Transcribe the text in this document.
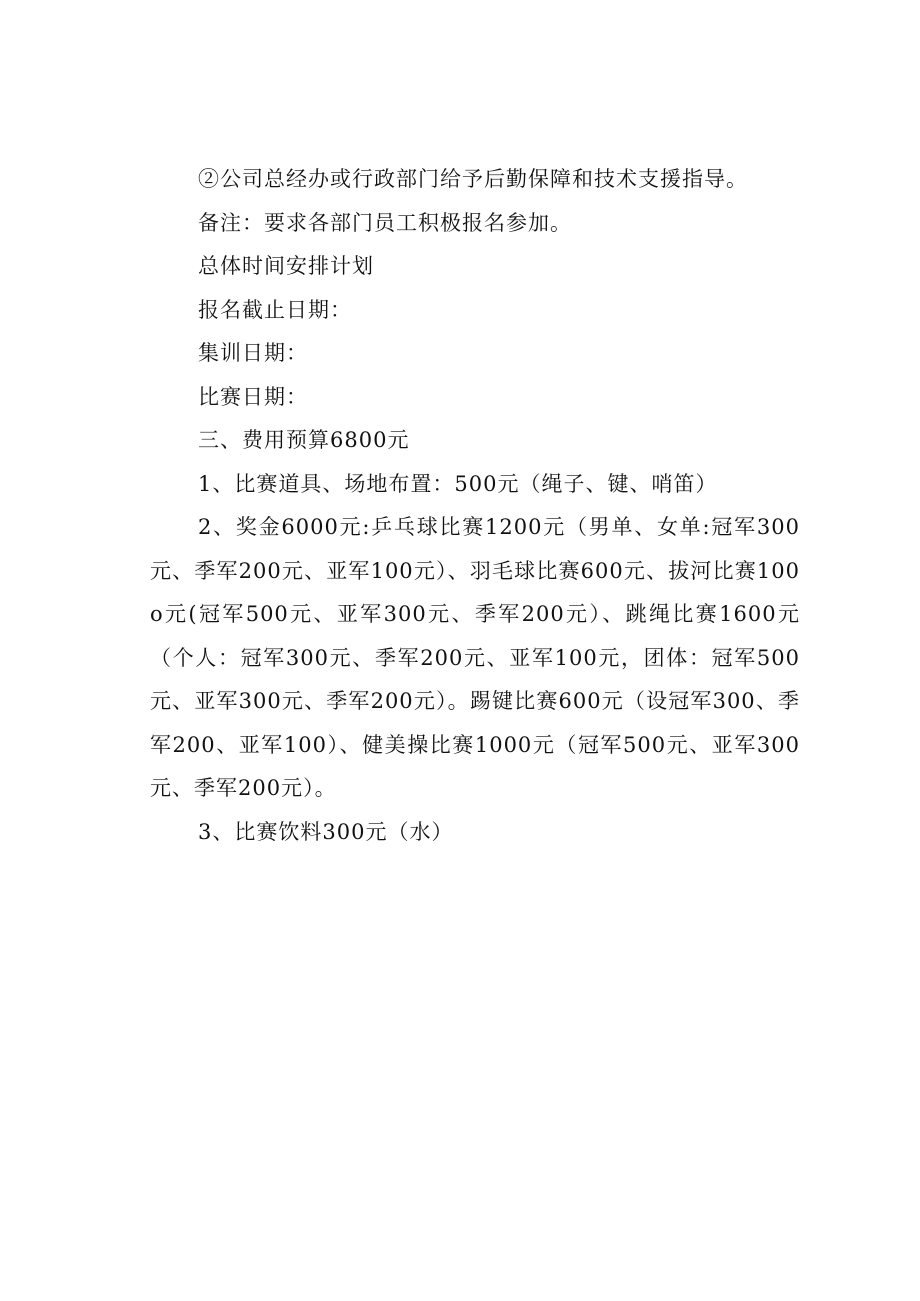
②公司总经办或行政部门给予后勤保障和技术支援指导。

备注：要求各部门员工积极报名参加。

总体时间安排计划

报名截止日期：

集训日期：

比赛日期：

三、费用预算6800元

1、比赛道具、场地布置：500元（绳子、键、哨笛）

2、奖金6000元:乒乓球比赛1200元（男单、女单:冠军300元、季军200元、亚军100元）、羽毛球比赛600元、拔河比赛100o元(冠军500元、亚军300元、季军200元）、跳绳比赛1600元（个人：冠军300元、季军200元、亚军100元，团体：冠军500元、亚军300元、季军200元）。踢键比赛600元（设冠军300、季军200、亚军100）、健美操比赛1000元（冠军500元、亚军300元、季军200元）。

3、比赛饮料300元（水）
